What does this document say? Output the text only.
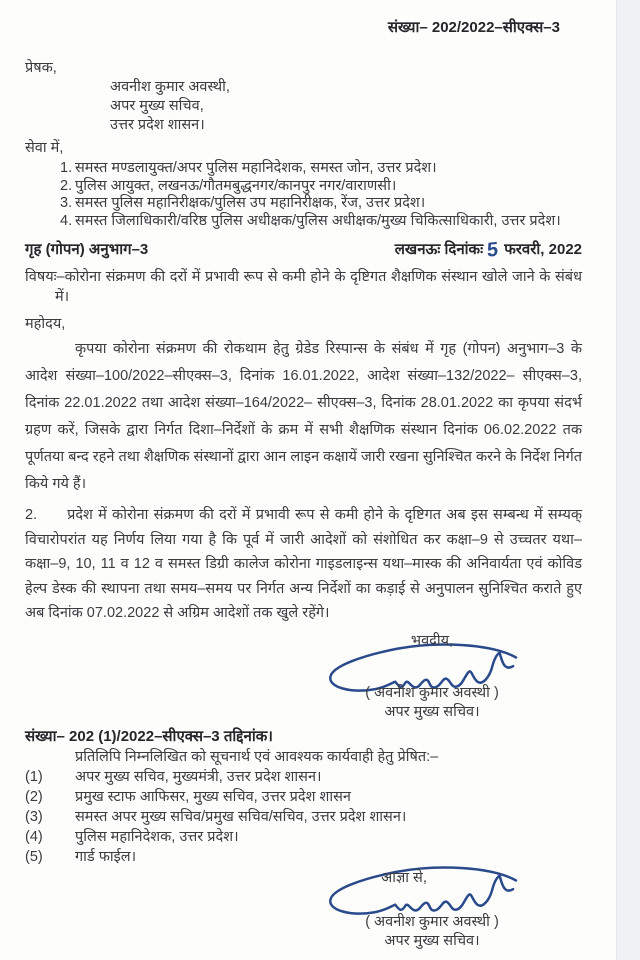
संख्या– 202/2022–सीएक्स–3
प्रेषक,
अवनीश कुमार अवस्थी,
अपर मुख्य सचिव,
उत्तर प्रदेश शासन।
सेवा में,
1. समस्त मण्डलायुक्त/अपर पुलिस महानिदेशक, समस्त जोन, उत्तर प्रदेश।
2. पुलिस आयुक्त, लखनऊ/गौतमबुद्धनगर/कानपुर नगर/वाराणसी।
3. समस्त पुलिस महानिरीक्षक/पुलिस उप महानिरीक्षक, रेंज, उत्तर प्रदेश।
4. समस्त जिलाधिकारी/वरिष्ठ पुलिस अधीक्षक/पुलिस अधीक्षक/मुख्य चिकित्साधिकारी, उत्तर प्रदेश।
गृह (गोपन) अनुभाग–3	लखनऊः दिनांकः 5 फरवरी, 2022
विषयः–कोरोना संक्रमण की दरों में प्रभावी रूप से कमी होने के दृष्टिगत शैक्षणिक संस्थान खोले जाने के संबंध में।
महोदय,

कृपया कोरोना संक्रमण की रोकथाम हेतु ग्रेडेड रिस्पान्स के संबंध में गृह (गोपन) अनुभाग–3 के आदेश संख्या–100/2022–सीएक्स–3, दिनांक 16.01.2022, आदेश संख्या–132/2022– सीएक्स–3, दिनांक 22.01.2022 तथा आदेश संख्या–164/2022– सीएक्स–3, दिनांक 28.01.2022 का कृपया संदर्भ ग्रहण करें, जिसके द्वारा निर्गत दिशा–निर्देशों के क्रम में सभी शैक्षणिक संस्थान दिनांक 06.02.2022 तक पूर्णतया बन्द रहने तथा शैक्षणिक संस्थानों द्वारा आन लाइन कक्षायें जारी रखना सुनिश्चित करने के निर्देश निर्गत किये गये हैं।

2. प्रदेश में कोरोना संक्रमण की दरों में प्रभावी रूप से कमी होने के दृष्टिगत अब इस सम्बन्ध में सम्यक् विचारोपरांत यह निर्णय लिया गया है कि पूर्व में जारी आदेशों को संशोधित कर कक्षा–9 से उच्चतर यथा– कक्षा–9, 10, 11 व 12 व समस्त डिग्री कालेज कोरोना गाइडलाइन्स यथा–मास्क की अनिवार्यता एवं कोविड हेल्प डेस्क की स्थापना तथा समय–समय पर निर्गत अन्य निर्देशों का कड़ाई से अनुपालन सुनिश्चित कराते हुए अब दिनांक 07.02.2022 से अग्रिम आदेशों तक खुले रहेंगे।

भवदीय,
( अवनीश कुमार अवस्थी )
अपर मुख्य सचिव।
संख्या– 202 (1)/2022–सीएक्स–3 तद्दिनांक।
प्रतिलिपि निम्नलिखित को सूचनार्थ एवं आवश्यक कार्यवाही हेतु प्रेषित:–
(1)	अपर मुख्य सचिव, मुख्यमंत्री, उत्तर प्रदेश शासन।
(2)	प्रमुख स्टाफ आफिसर, मुख्य सचिव, उत्तर प्रदेश शासन
(3)	समस्त अपर मुख्य सचिव/प्रमुख सचिव/सचिव, उत्तर प्रदेश शासन।
(4)	पुलिस महानिदेशक, उत्तर प्रदेश।
(5)	गार्ड फाईल।
आज्ञा से,
( अवनीश कुमार अवस्थी )
अपर मुख्य सचिव।
